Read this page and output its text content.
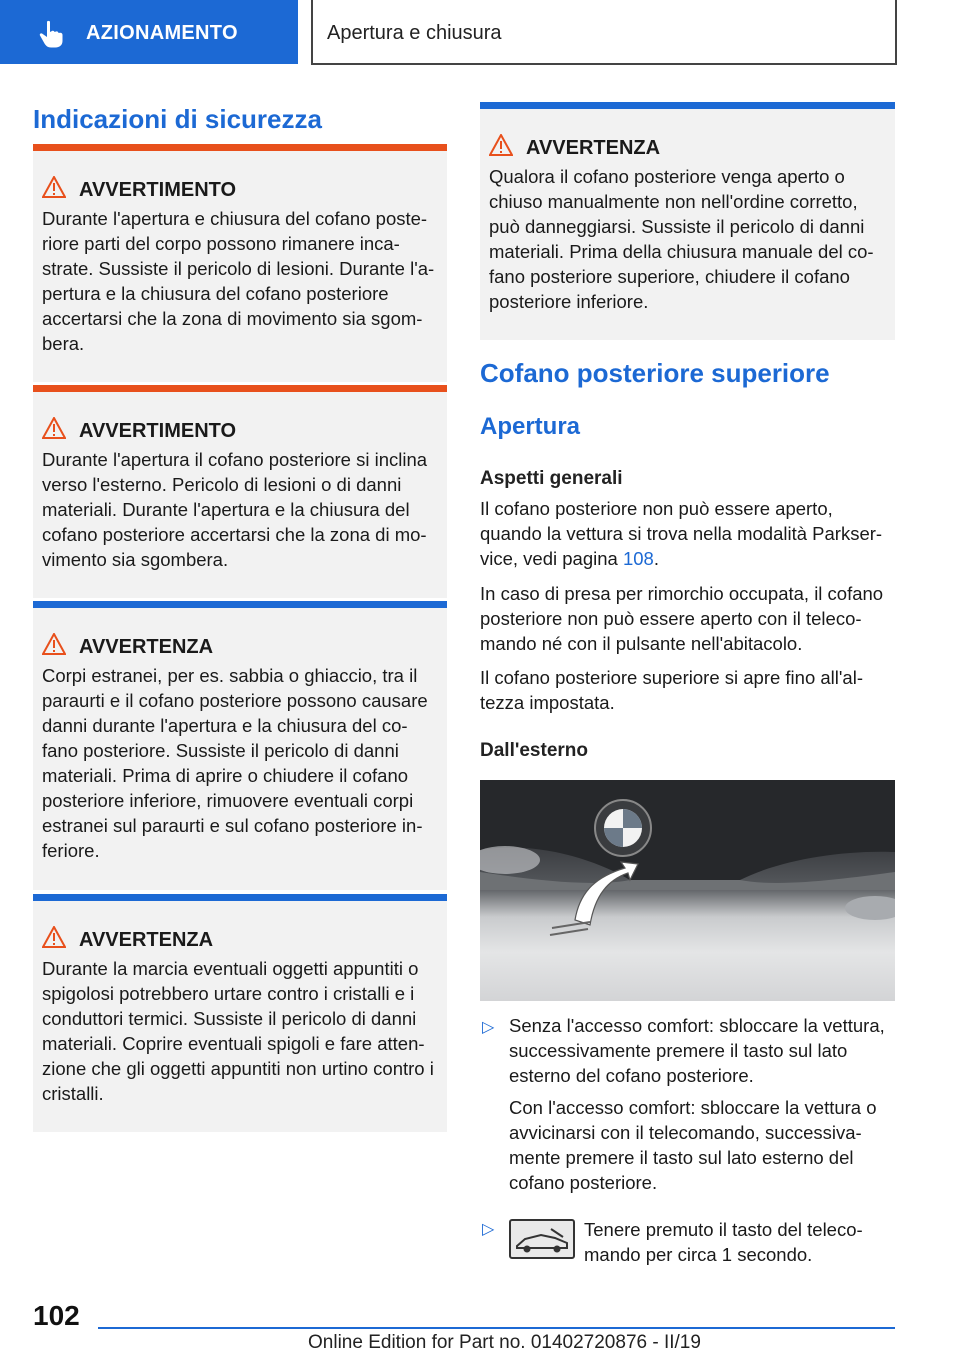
AZIONAMENTO	Apertura e chiusura
Indicazioni di sicurezza
AVVERTIMENTO
Durante l'apertura e chiusura del cofano poste‐riore parti del corpo possono rimanere inca‐strate. Sussiste il pericolo di lesioni. Durante l'a‐pertura e la chiusura del cofano posteriore accertarsi che la zona di movimento sia sgom‐bera.
AVVERTIMENTO
Durante l'apertura il cofano posteriore si inclina verso l'esterno. Pericolo di lesioni o di danni materiali. Durante l'apertura e la chiusura del cofano posteriore accertarsi che la zona di mo‐vimento sia sgombera.
AVVERTENZA
Corpi estranei, per es. sabbia o ghiaccio, tra il paraurti e il cofano posteriore possono causare danni durante l'apertura e la chiusura del co‐fano posteriore. Sussiste il pericolo di danni materiali. Prima di aprire o chiudere il cofano posteriore inferiore, rimuovere eventuali corpi estranei sul paraurti e sul cofano posteriore in‐feriore.
AVVERTENZA
Durante la marcia eventuali oggetti appuntiti o spigolosi potrebbero urtare contro i cristalli e i conduttori termici. Sussiste il pericolo di danni materiali. Coprire eventuali spigoli e fare atten‐zione che gli oggetti appuntiti non urtino contro i cristalli.
AVVERTENZA
Qualora il cofano posteriore venga aperto o chiuso manualmente non nell'ordine corretto, può danneggiarsi. Sussiste il pericolo di danni materiali. Prima della chiusura manuale del co‐fano posteriore superiore, chiudere il cofano posteriore inferiore.
Cofano posteriore superiore
Apertura
Aspetti generali
Il cofano posteriore non può essere aperto, quando la vettura si trova nella modalità Parkser‐vice, vedi pagina 108.
In caso di presa per rimorchio occupata, il cofano posteriore non può essere aperto con il teleco‐mando né con il pulsante nell'abitacolo.
Il cofano posteriore superiore si apre fino all'al‐tezza impostata.
Dall'esterno
▷ Senza l'accesso comfort: sbloccare la vettura, successivamente premere il tasto sul lato esterno del cofano posteriore.
Con l'accesso comfort: sbloccare la vettura o avvicinarsi con il telecomando, successiva‐mente premere il tasto sul lato esterno del cofano posteriore.
▷	Tenere premuto il tasto del teleco‐mando per circa 1 secondo.
102
Online Edition for Part no. 01402720876 - II/19
